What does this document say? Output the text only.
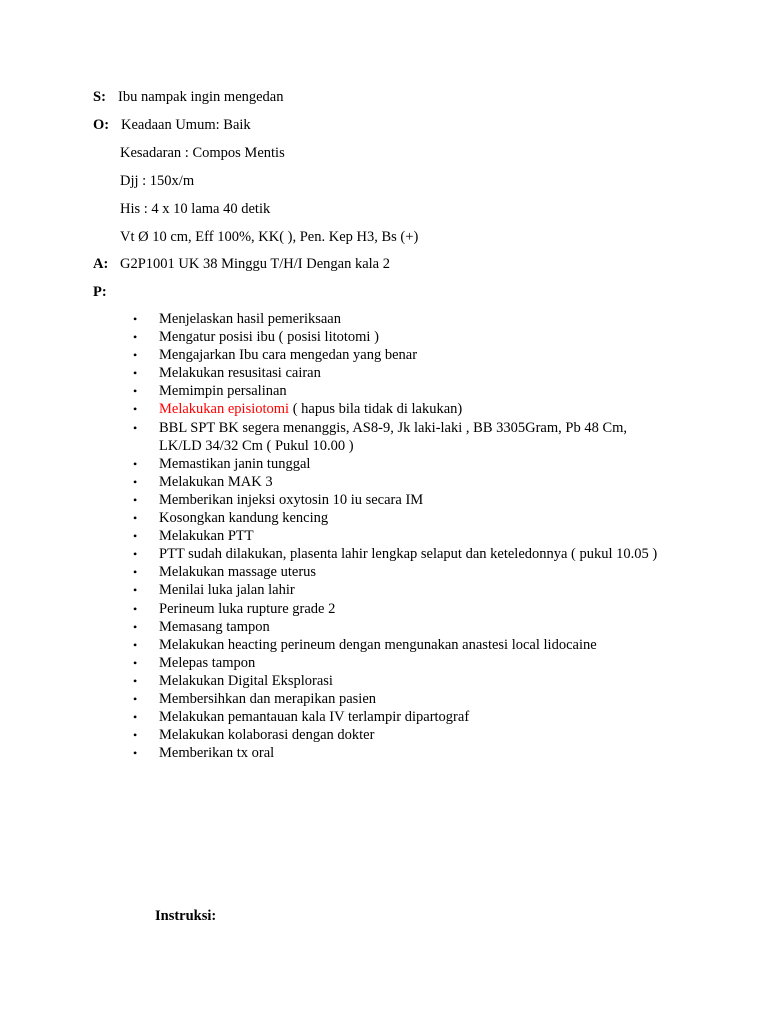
S: Ibu nampak ingin mengedan
O: Keadaan Umum: Baik
Kesadaran : Compos Mentis
Djj : 150x/m
His : 4 x 10 lama 40 detik
Vt Ø 10 cm, Eff 100%, KK( ), Pen. Kep H3, Bs (+)
A: G2P1001 UK 38 Minggu T/H/I Dengan kala 2
P:
• Menjelaskan hasil pemeriksaan
• Mengatur posisi ibu ( posisi litotomi )
• Mengajarkan Ibu cara mengedan yang benar
• Melakukan resusitasi cairan
• Memimpin persalinan
• Melakukan episiotomi ( hapus bila tidak di lakukan)
• BBL SPT BK segera menanggis, AS8-9, Jk laki-laki , BB 3305Gram, Pb 48 Cm, LK/LD 34/32 Cm ( Pukul 10.00 )
• Memastikan janin tunggal
• Melakukan MAK 3
• Memberikan injeksi oxytosin 10 iu secara IM
• Kosongkan kandung kencing
• Melakukan PTT
• PTT sudah dilakukan, plasenta lahir lengkap selaput dan keteledonnya ( pukul 10.05 )
• Melakukan massage uterus
• Menilai luka jalan lahir
• Perineum luka rupture grade 2
• Memasang tampon
• Melakukan heacting perineum dengan mengunakan anastesi local lidocaine
• Melepas tampon
• Melakukan Digital Eksplorasi
• Membersihkan dan merapikan pasien
• Melakukan pemantauan kala IV terlampir dipartograf
• Melakukan kolaborasi dengan dokter
• Memberikan tx oral
Instruksi:
